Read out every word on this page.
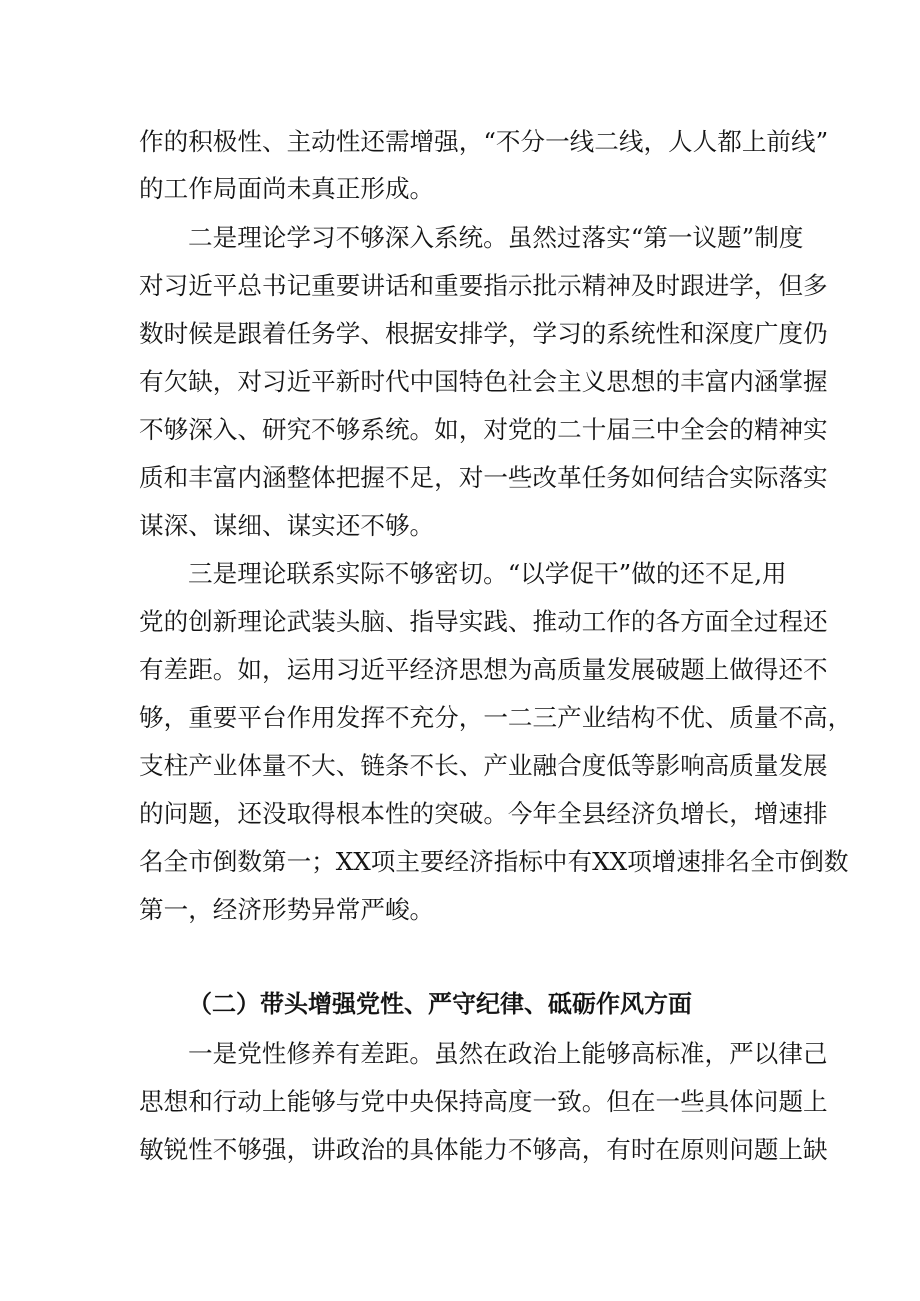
作的积极性、主动性还需增强，“不分一线二线，人人都上前线”
的工作局面尚未真正形成。
二是理论学习不够深入系统。虽然过落实“第一议题”制度
对习近平总书记重要讲话和重要指示批示精神及时跟进学，但多
数时候是跟着任务学、根据安排学，学习的系统性和深度广度仍
有欠缺，对习近平新时代中国特色社会主义思想的丰富内涵掌握
不够深入、研究不够系统。如，对党的二十届三中全会的精神实
质和丰富内涵整体把握不足，对一些改革任务如何结合实际落实
谋深、谋细、谋实还不够。
三是理论联系实际不够密切。“以学促干”做的还不足,用
党的创新理论武装头脑、指导实践、推动工作的各方面全过程还
有差距。如，运用习近平经济思想为高质量发展破题上做得还不
够，重要平台作用发挥不充分，一二三产业结构不优、质量不高，
支柱产业体量不大、链条不长、产业融合度低等影响高质量发展
的问题，还没取得根本性的突破。今年全县经济负增长，增速排
名全市倒数第一；XX项主要经济指标中有XX项增速排名全市倒数
第一，经济形势异常严峻。
（二）带头增强党性、严守纪律、砥砺作风方面
一是党性修养有差距。虽然在政治上能够高标准，严以律己
思想和行动上能够与党中央保持高度一致。但在一些具体问题上
敏锐性不够强，讲政治的具体能力不够高，有时在原则问题上缺
